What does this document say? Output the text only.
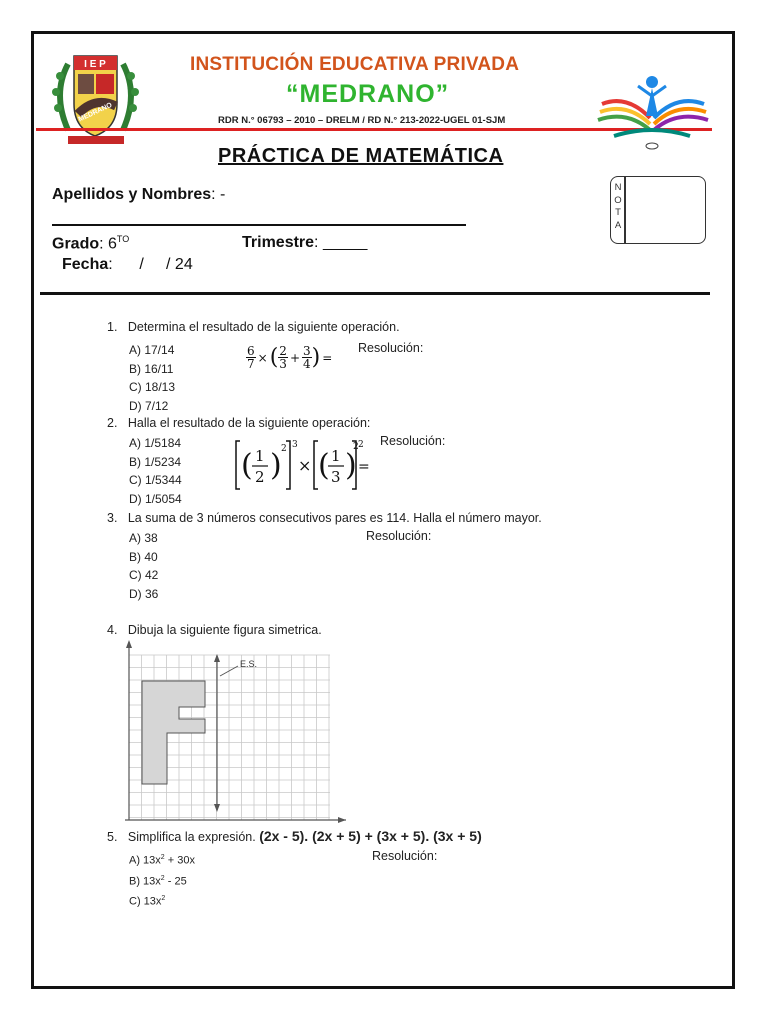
I E P
MEDRANO
INSTITUCIÓN EDUCATIVA PRIVADA
“MEDRANO”
RDR N.° 06793 – 2010 – DRELM / RD N.° 213-2022-UGEL 01-SJM
PRÁCTICA DE MATEMÁTICA
Apellidos y Nombres: -
Grado: $6^{TO}$	Trimestre: _____
Fecha:      /     / 24
N
O
T
A
1. Determina el resultado de la siguiente operación.
A) 17/14
B) 16/11
C) 18/13
D) 7/12
$\frac{6}{7}$ × ( $\frac{2}{3} + \frac{3}{4}$ ) =
Resolución:
2. Halla el resultado de la siguiente operación:
A) 1/5184
B) 1/5234
C) 1/5344
D) 1/5054
( 1
2 ) 2 3
× ( 1
3 )
2 2
=
Resolución:
3. La suma de 3 números consecutivos pares es 114. Halla el número mayor.
A) 38
B) 40
C) 42
D) 36
Resolución:
4. Dibuja la siguiente figura simetrica.
E.S.
5. Simplifica la expresión. (2x - 5). (2x + 5) + (3x + 5). (3x + 5)
A) $13x^2 + 30x$
B) $13x^2 - 25$
C) $13x^2$
Resolución:
